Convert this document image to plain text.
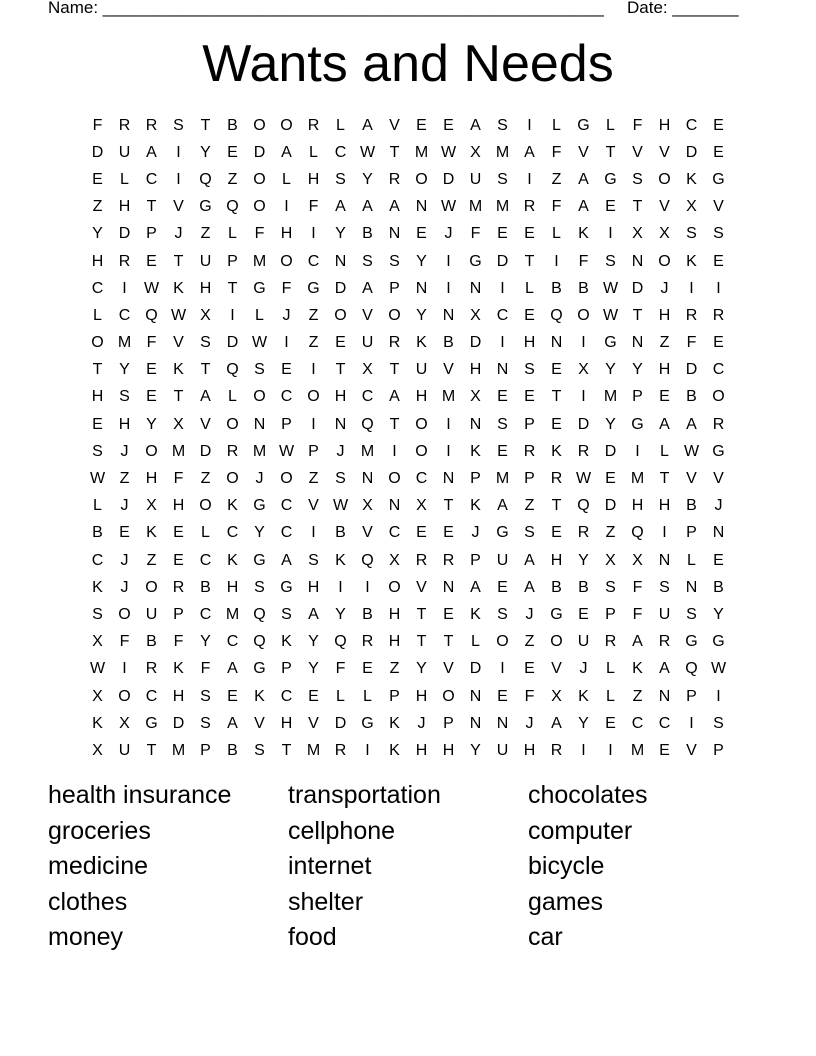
Name: _____________________________________________________ Date: _______
Wants and Needs
F	R R S	T	B O O R	L	A	V	E	E	A	S	I	L	G	L	F	H C E
D U A	I	Y	E D A	L	C W T M W X M A	F	V	T	V	V D E
E	L	C	I	Q Z O	L	H S	Y R O D U S	I	Z	A G S O K G
Z	H	T	V G Q O	I	F	A	A	A N W M M R	F	A	E	T	V	X	V
Y D P	J	Z	L	F	H	I	Y	B N E	J	F	E	E	L	K	I	X	X	S	S
H R E	T	U P M O C N S	S	Y	I	G D	T	I	F	S N O K	E
C	I	W K H	T G F G D A	P N	I	N	I	L	B	B W D	J	I	I
L	C Q W X	I	L	J	Z O V O Y N X C E Q O W T	H R R
O M F	V	S D W	I	Z	E U R K	B D	I	H N	I	G N	Z	F	E
T	Y	E	K	T Q S	E	I	T	X	T	U V H N S	E	X	Y	Y H D C
H S	E	T	A	L	O C O H C A H M X	E	E	T	I	M P	E	B O
E H Y	X	V O N P	I	N Q T O	I	N S	P	E D Y G A	A R
S	J	O M D R M W P	J	M	I	O	I	K	E R K R D	I	L W G
W Z	H	F	Z O	J	O Z	S N O C N P M P R W E M T	V	V
L	J	X H O K G C V W X N X	T	K	A	Z	T Q D H H B	J
B	E	K	E	L	C Y C	I	B	V C E	E	J	G S	E R	Z Q	I	P N
C	J	Z	E C K G A	S	K Q X R R P U A H Y	X	X N	L	E
K	J	O R B H S G H	I	I	O V N A	E	A	B	B	S	F	S N B
S O U P C M Q S	A	Y	B H	T	E	K	S	J	G E	P	F	U S	Y
X	F	B	F	Y C Q K	Y Q R H	T	T	L	O Z O U R A R G G
W	I	R K	F	A G P	Y	F	E	Z	Y	V D	I	E	V	J	L	K	A Q W
X O C H S	E	K C E	L	L	P H O N E	F	X	K	L	Z	N P	I
K	X G D S	A	V H V D G K	J	P N N	J	A	Y	E C C	I	S
X U	T M P	B	S	T M R	I	K H H Y U H R	I	I	M E	V	P
health insurance	transportation	chocolates
groceries	cellphone	computer
medicine	internet	bicycle
clothes	shelter	games
money	food	car
